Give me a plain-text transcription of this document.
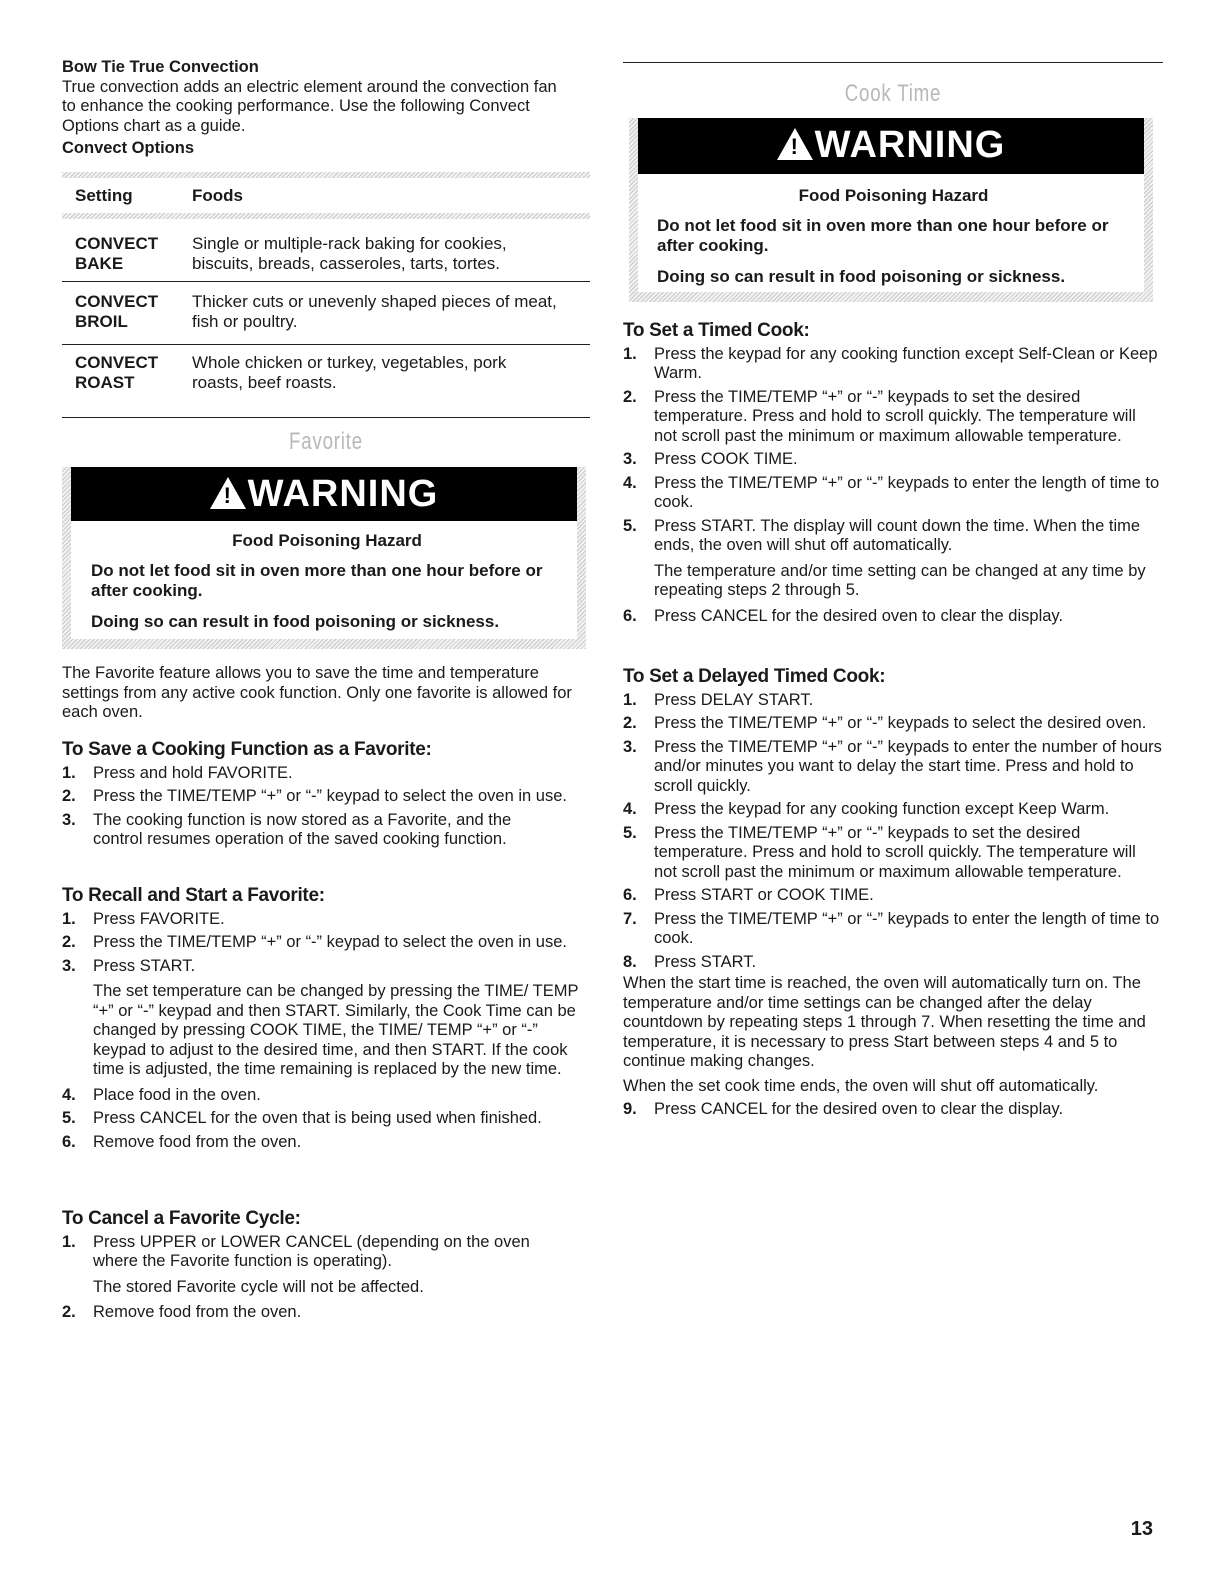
Bow Tie True Convection

True convection adds an electric element around the convection fan to enhance the cooking performance. Use the following Convect Options chart as a guide.

Convect Options

Setting	Foods
CONVECT
BAKE
Single or multiple-rack baking for cookies,
biscuits, breads, casseroles, tarts, tortes.
CONVECT
BROIL
Thicker cuts or unevenly shaped pieces of meat,
fish or poultry.
CONVECT
ROAST
Whole chicken or turkey, vegetables, pork
roasts, beef roasts.
Favorite
!
WARNING
Food Poisoning Hazard
Do not let food sit in oven more than one hour before or after cooking.
Doing so can result in food poisoning or sickness.

The Favorite feature allows you to save the time and temperature settings from any active cook function. Only one favorite is allowed for each oven.

To Save a Cooking Function as a Favorite:

1. Press and hold FAVORITE.
2. Press the TIME/TEMP “+” or “-” keypad to select the oven in use.
3. The cooking function is now stored as a Favorite, and the control resumes operation of the saved cooking function.

To Recall and Start a Favorite:

1. Press FAVORITE.
2. Press the TIME/TEMP “+” or “-” keypad to select the oven in use.
3. Press START.
The set temperature can be changed by pressing the TIME/ TEMP “+” or “-” keypad and then START. Similarly, the Cook Time can be changed by pressing COOK TIME, the TIME/ TEMP “+” or “-” keypad to adjust to the desired time, and then START. If the cook time is adjusted, the time remaining is replaced by the new time.
4. Place food in the oven.
5. Press CANCEL for the oven that is being used when finished.
6. Remove food from the oven.

To Cancel a Favorite Cycle:

1. Press UPPER or LOWER CANCEL (depending on the oven where the Favorite function is operating).
The stored Favorite cycle will not be affected.
2. Remove food from the oven.
Cook Time
!
WARNING
Food Poisoning Hazard
Do not let food sit in oven more than one hour before or after cooking.
Doing so can result in food poisoning or sickness.

To Set a Timed Cook:

1. Press the keypad for any cooking function except Self-Clean or Keep Warm.
2. Press the TIME/TEMP “+” or “-” keypads to set the desired temperature. Press and hold to scroll quickly. The temperature will not scroll past the minimum or maximum allowable temperature.
3. Press COOK TIME.
4. Press the TIME/TEMP “+” or “-” keypads to enter the length of time to cook.
5. Press START. The display will count down the time. When the time ends, the oven will shut off automatically.
The temperature and/or time setting can be changed at any time by repeating steps 2 through 5.
6. Press CANCEL for the desired oven to clear the display.

To Set a Delayed Timed Cook:

1. Press DELAY START.
2. Press the TIME/TEMP “+” or “-” keypads to select the desired oven.
3. Press the TIME/TEMP “+” or “-” keypads to enter the number of hours and/or minutes you want to delay the start time. Press and hold to scroll quickly.
4. Press the keypad for any cooking function except Keep Warm.
5. Press the TIME/TEMP “+” or “-” keypads to set the desired temperature. Press and hold to scroll quickly. The temperature will not scroll past the minimum or maximum allowable temperature.
6. Press START or COOK TIME.
7. Press the TIME/TEMP “+” or “-” keypads to enter the length of time to cook.
8. Press START.

When the start time is reached, the oven will automatically turn on. The temperature and/or time settings can be changed after the delay countdown by repeating steps 1 through 7. When resetting the time and temperature, it is necessary to press Start between steps 4 and 5 to continue making changes.

When the set cook time ends, the oven will shut off automatically.

9. Press CANCEL for the desired oven to clear the display.
13
